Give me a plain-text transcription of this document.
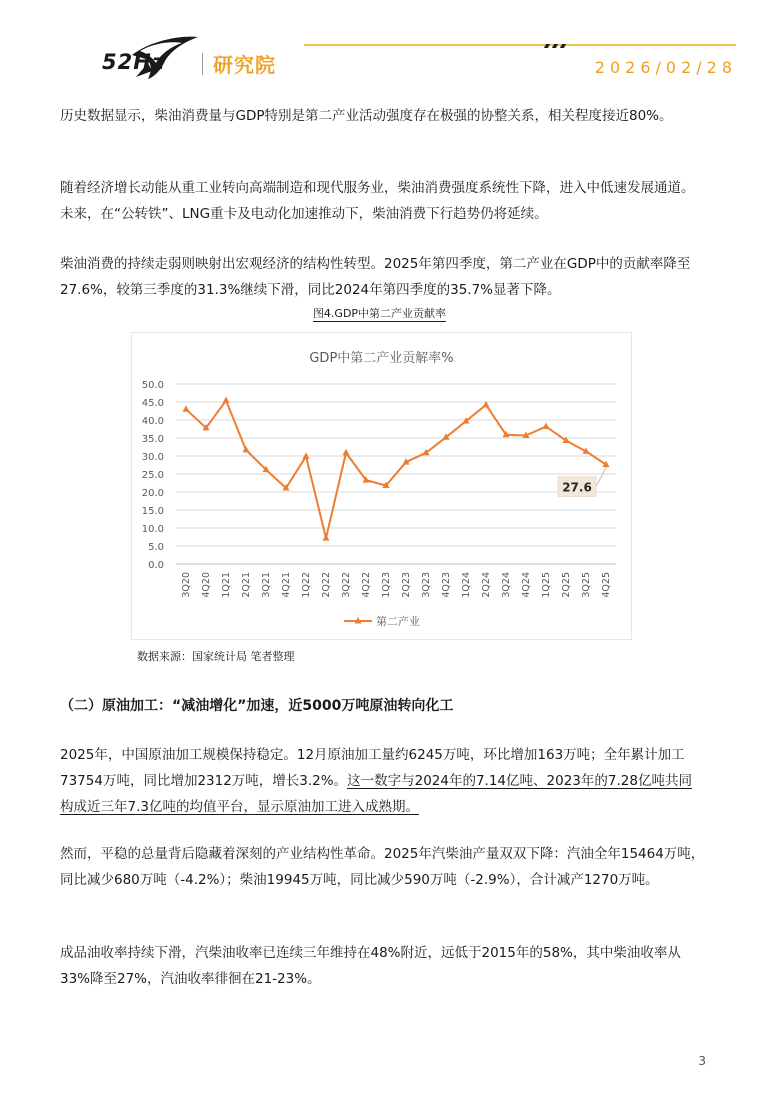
52Hz 研究院	2026/02/28

历史数据显示，柴油消费量与GDP特别是第二产业活动强度存在极强的协整关系，相关程度接近80%。

随着经济增长动能从重工业转向高端制造和现代服务业，柴油消费强度系统性下降，进入中低速发展通道。未来，在“公转铁”、LNG重卡及电动化加速推动下，柴油消费下行趋势仍将延续。

柴油消费的持续走弱则映射出宏观经济的结构性转型。2025年第四季度，第二产业在GDP中的贡献率降至27.6%，较第三季度的31.3%继续下滑，同比2024年第四季度的35.7%显著下降。

图4.GDP中第二产业贡献率
GDP中第二产业贡解率%
0.0
5.0
10.0
15.0
20.0
25.0
30.0
35.0
40.0
45.0
50.0
3Q20 4Q20 1Q21 2Q21 3Q21 4Q21 1Q22 2Q22 3Q22 4Q22 1Q23 2Q23 3Q23 4Q23 1Q24 2Q24 3Q24 4Q24 1Q25 2Q25 3Q25 4Q25
27.6
第二产业
数据来源：国家统计局 笔者整理
（二）原油加工：“减油增化”加速，近5000万吨原油转向化工

2025年，中国原油加工规模保持稳定。12月原油加工量约6245万吨，环比增加163万吨；全年累计加工73754万吨，同比增加2312万吨，增长3.2%。这一数字与2024年的7.14亿吨、2023年的7.28亿吨共同构成近三年7.3亿吨的均值平台，显示原油加工进入成熟期。

然而，平稳的总量背后隐藏着深刻的产业结构性革命。2025年汽柴油产量双双下降：汽油全年15464万吨，同比减少680万吨（-4.2%）；柴油19945万吨，同比减少590万吨（-2.9%），合计减产1270万吨。

成品油收率持续下滑，汽柴油收率已连续三年维持在48%附近，远低于2015年的58%，其中柴油收率从33%降至27%，汽油收率徘徊在21-23%。

3
